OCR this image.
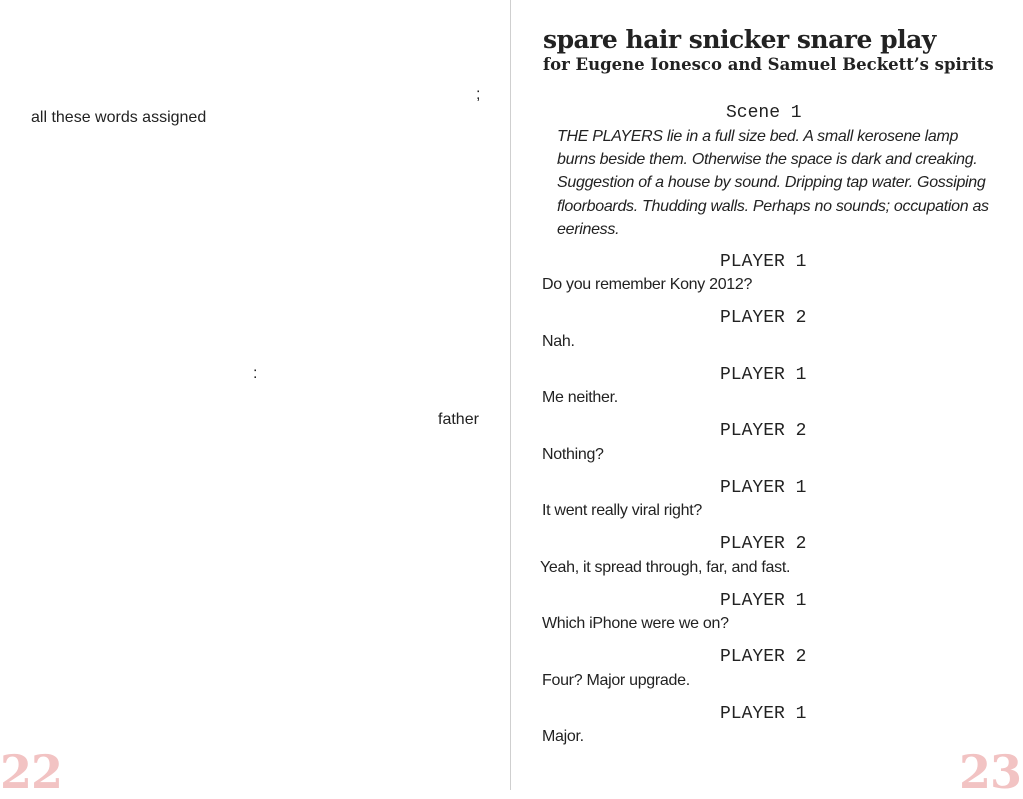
;
all these words assigned
:
father
22
spare hair snicker snare play
for Eugene Ionesco and Samuel Beckett’s spirits
Scene 1
THE PLAYERS lie in a full size bed. A small kerosene lamp burns beside them. Otherwise the space is dark and creaking. Suggestion of a house by sound. Dripping tap water. Gossiping floorboards. Thudding walls. Perhaps no sounds; occupation as eeriness.
PLAYER 1
Do you remember Kony 2012?
PLAYER 2
Nah.
PLAYER 1
Me neither.
PLAYER 2
Nothing?
PLAYER 1
It went really viral right?
PLAYER 2
Yeah, it spread through, far, and fast.
PLAYER 1
Which iPhone were we on?
PLAYER 2
Four? Major upgrade.
PLAYER 1
Major.
23
